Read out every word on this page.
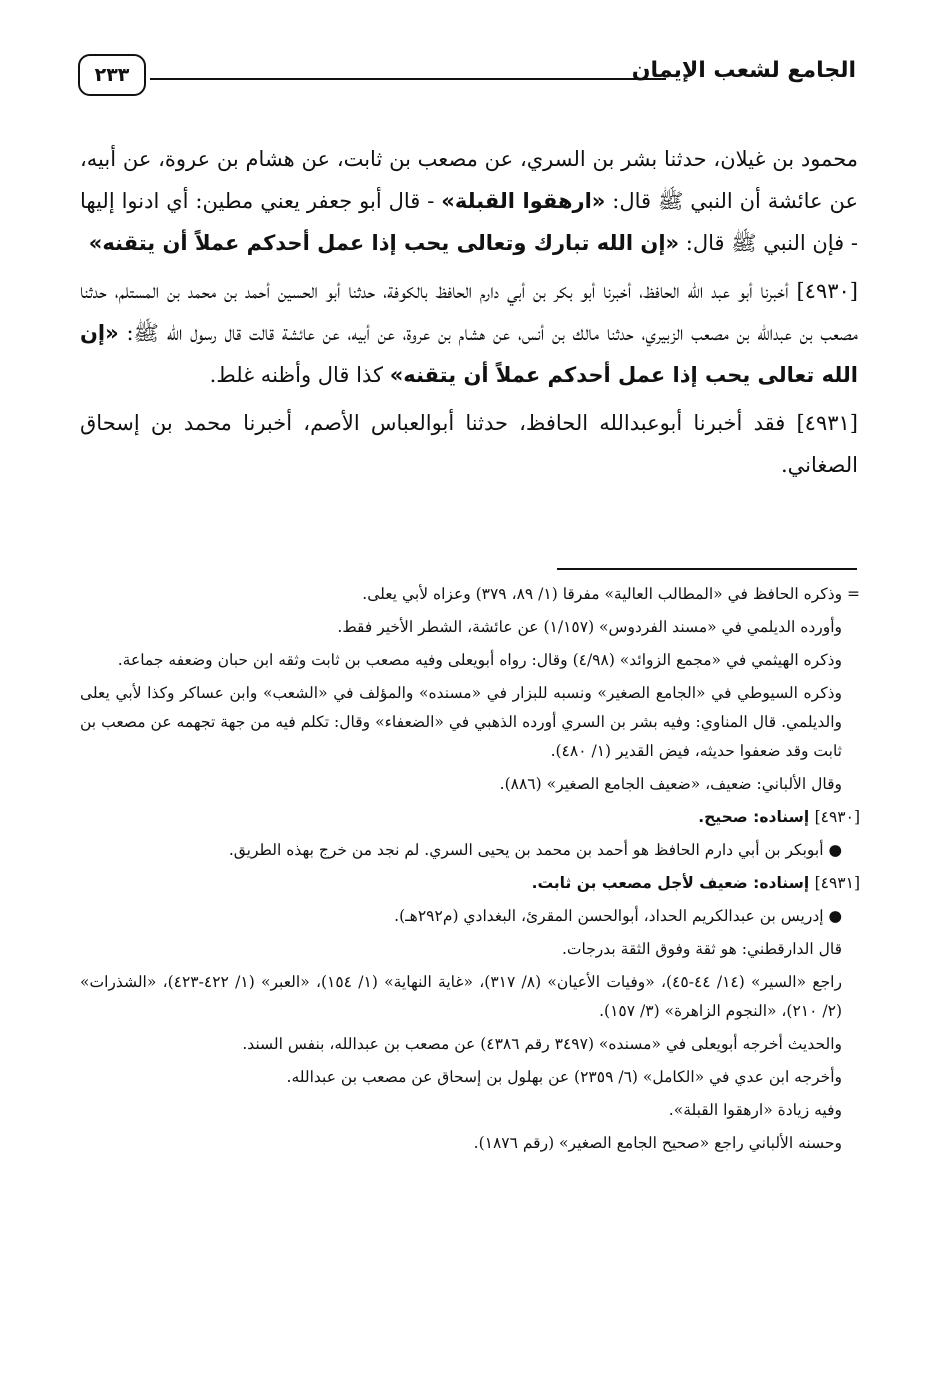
الجامع لشعب الإيمان
٢٣٣

محمود بن غيلان، حدثنا بشر بن السري، عن مصعب بن ثابت، عن هشام بن عروة، عن أبيه، عن عائشة أن النبي ﷺ قال: «ارهقوا القبلة» - قال أبو جعفر يعني مطين: أي ادنوا إليها - فإن النبي ﷺ قال: «إن الله تبارك وتعالى يحب إذا عمل أحدكم عملاً أن يتقنه»

[٤٩٣٠] أخبرنا أبو عبد الله الحافظ، أخبرنا أبو بكر بن أبي دارم الحافظ بالكوفة، حدثنا أبو الحسين أحمد بن محمد بن المستلم، حدثنا مصعب بن عبدالله بن مصعب الزبيري، حدثنا مالك بن أنس، عن هشام بن عروة، عن أبيه، عن عائشة قالت قال رسول الله ﷺ: «إن الله تعالى يحب إذا عمل أحدكم عملاً أن يتقنه» كذا قال وأظنه غلط.

[٤٩٣١] فقد أخبرنا أبوعبدالله الحافظ، حدثنا أبوالعباس الأصم، أخبرنا محمد بن إسحاق الصغاني.

= وذكره الحافظ في «المطالب العالية» مفرقا (١/ ٨٩، ٣٧٩) وعزاه لأبي يعلى.

وأورده الديلمي في «مسند الفردوس» (١/١٥٧) عن عائشة، الشطر الأخير فقط.

وذكره الهيثمي في «مجمع الزوائد» (٤/٩٨) وقال: رواه أبويعلى وفيه مصعب بن ثابت وثقه ابن حبان وضعفه جماعة.

وذكره السيوطي في «الجامع الصغير» ونسبه للبزار في «مسنده» والمؤلف في «الشعب» وابن عساكر وكذا لأبي يعلى والديلمي. قال المناوي: وفيه بشر بن السري أورده الذهبي في «الضعفاء» وقال: تكلم فيه من جهة تجهمه عن مصعب بن ثابت وقد ضعفوا حديثه، فيض القدير (١/ ٤٨٠).

وقال الألباني: ضعيف، «ضعيف الجامع الصغير» (٨٨٦).

[٤٩٣٠] إسناده: صحيح.

● أبوبكر بن أبي دارم الحافظ هو أحمد بن محمد بن يحيى السري. لم نجد من خرج بهذه الطريق.

[٤٩٣١] إسناده: ضعيف لأجل مصعب بن ثابت.

● إدريس بن عبدالكريم الحداد، أبوالحسن المقرئ، البغدادي (م٢٩٢هـ).

قال الدارقطني: هو ثقة وفوق الثقة بدرجات.

راجع «السير» (١٤/ ٤٤-٤٥)، «وفيات الأعيان» (٨/ ٣١٧)، «غاية النهاية» (١/ ١٥٤)، «العبر» (١/ ٤٢٢-٤٢٣)، «الشذرات» (٢/ ٢١٠)، «النجوم الزاهرة» (٣/ ١٥٧).

والحديث أخرجه أبويعلى في «مسنده» (٣٤٩٧ رقم ٤٣٨٦) عن مصعب بن عبدالله، بنفس السند.

وأخرجه ابن عدي في «الكامل» (٦/ ٢٣٥٩) عن بهلول بن إسحاق عن مصعب بن عبدالله.

وفيه زيادة «ارهقوا القبلة».

وحسنه الألباني راجع «صحيح الجامع الصغير» (رقم ١٨٧٦).
